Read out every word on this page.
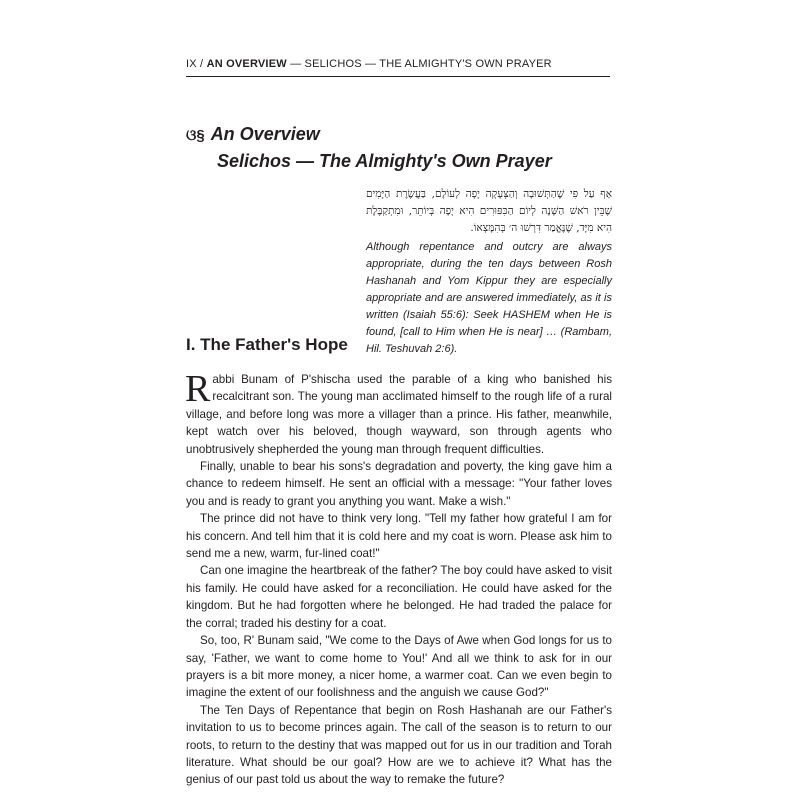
IX / AN OVERVIEW — SELICHOS — THE ALMIGHTY'S OWN PRAYER
ଓ§ An Overview
Selichos — The Almighty's Own Prayer
אַף עַל פִּי שֶׁהַתְּשׁוּבָה וְהַצְּעָקָה יָפָה לְעוֹלָם, בַּעֲשֶׂרֶת הַיָּמִים שֶׁבֵּין רֹאשׁ הַשָּׁנָה לְיוֹם הַכִּפּוּרִים הִיא יָפָה בְּיוֹתֵר, וּמִתְקַבֶּלֶת הִיא מִיָּד, שֶׁנֶּאֱמַר דִּרְשׁוּ ה׳ בְּהִמָּצְאוֹ.
Although repentance and outcry are always appropriate, during the ten days between Rosh Hashanah and Yom Kippur they are especially appropriate and are answered immediately, as it is written (Isaiah 55:6): Seek HASHEM when He is found, [call to Him when He is near] … (Rambam, Hil. Teshuvah 2:6).
I. The Father's Hope

Rabbi Bunam of P'shischa used the parable of a king who banished his recalcitrant son. The young man acclimated himself to the rough life of a rural village, and before long was more a villager than a prince. His father, meanwhile, kept watch over his beloved, though wayward, son through agents who unobtrusively shepherded the young man through frequent difficulties.

Finally, unable to bear his sons's degradation and poverty, the king gave him a chance to redeem himself. He sent an official with a message: "Your father loves you and is ready to grant you anything you want. Make a wish."

The prince did not have to think very long. "Tell my father how grateful I am for his concern. And tell him that it is cold here and my coat is worn. Please ask him to send me a new, warm, fur-lined coat!"

Can one imagine the heartbreak of the father? The boy could have asked to visit his family. He could have asked for a reconciliation. He could have asked for the kingdom. But he had forgotten where he belonged. He had traded the palace for the corral; traded his destiny for a coat.

So, too, R' Bunam said, "We come to the Days of Awe when God longs for us to say, 'Father, we want to come home to You!' And all we think to ask for in our prayers is a bit more money, a nicer home, a warmer coat. Can we even begin to imagine the extent of our foolishness and the anguish we cause God?"

The Ten Days of Repentance that begin on Rosh Hashanah are our Father's invitation to us to become princes again. The call of the season is to return to our roots, to return to the destiny that was mapped out for us in our tradition and Torah literature. What should be our goal? How are we to achieve it? What has the genius of our past told us about the way to remake the future?
